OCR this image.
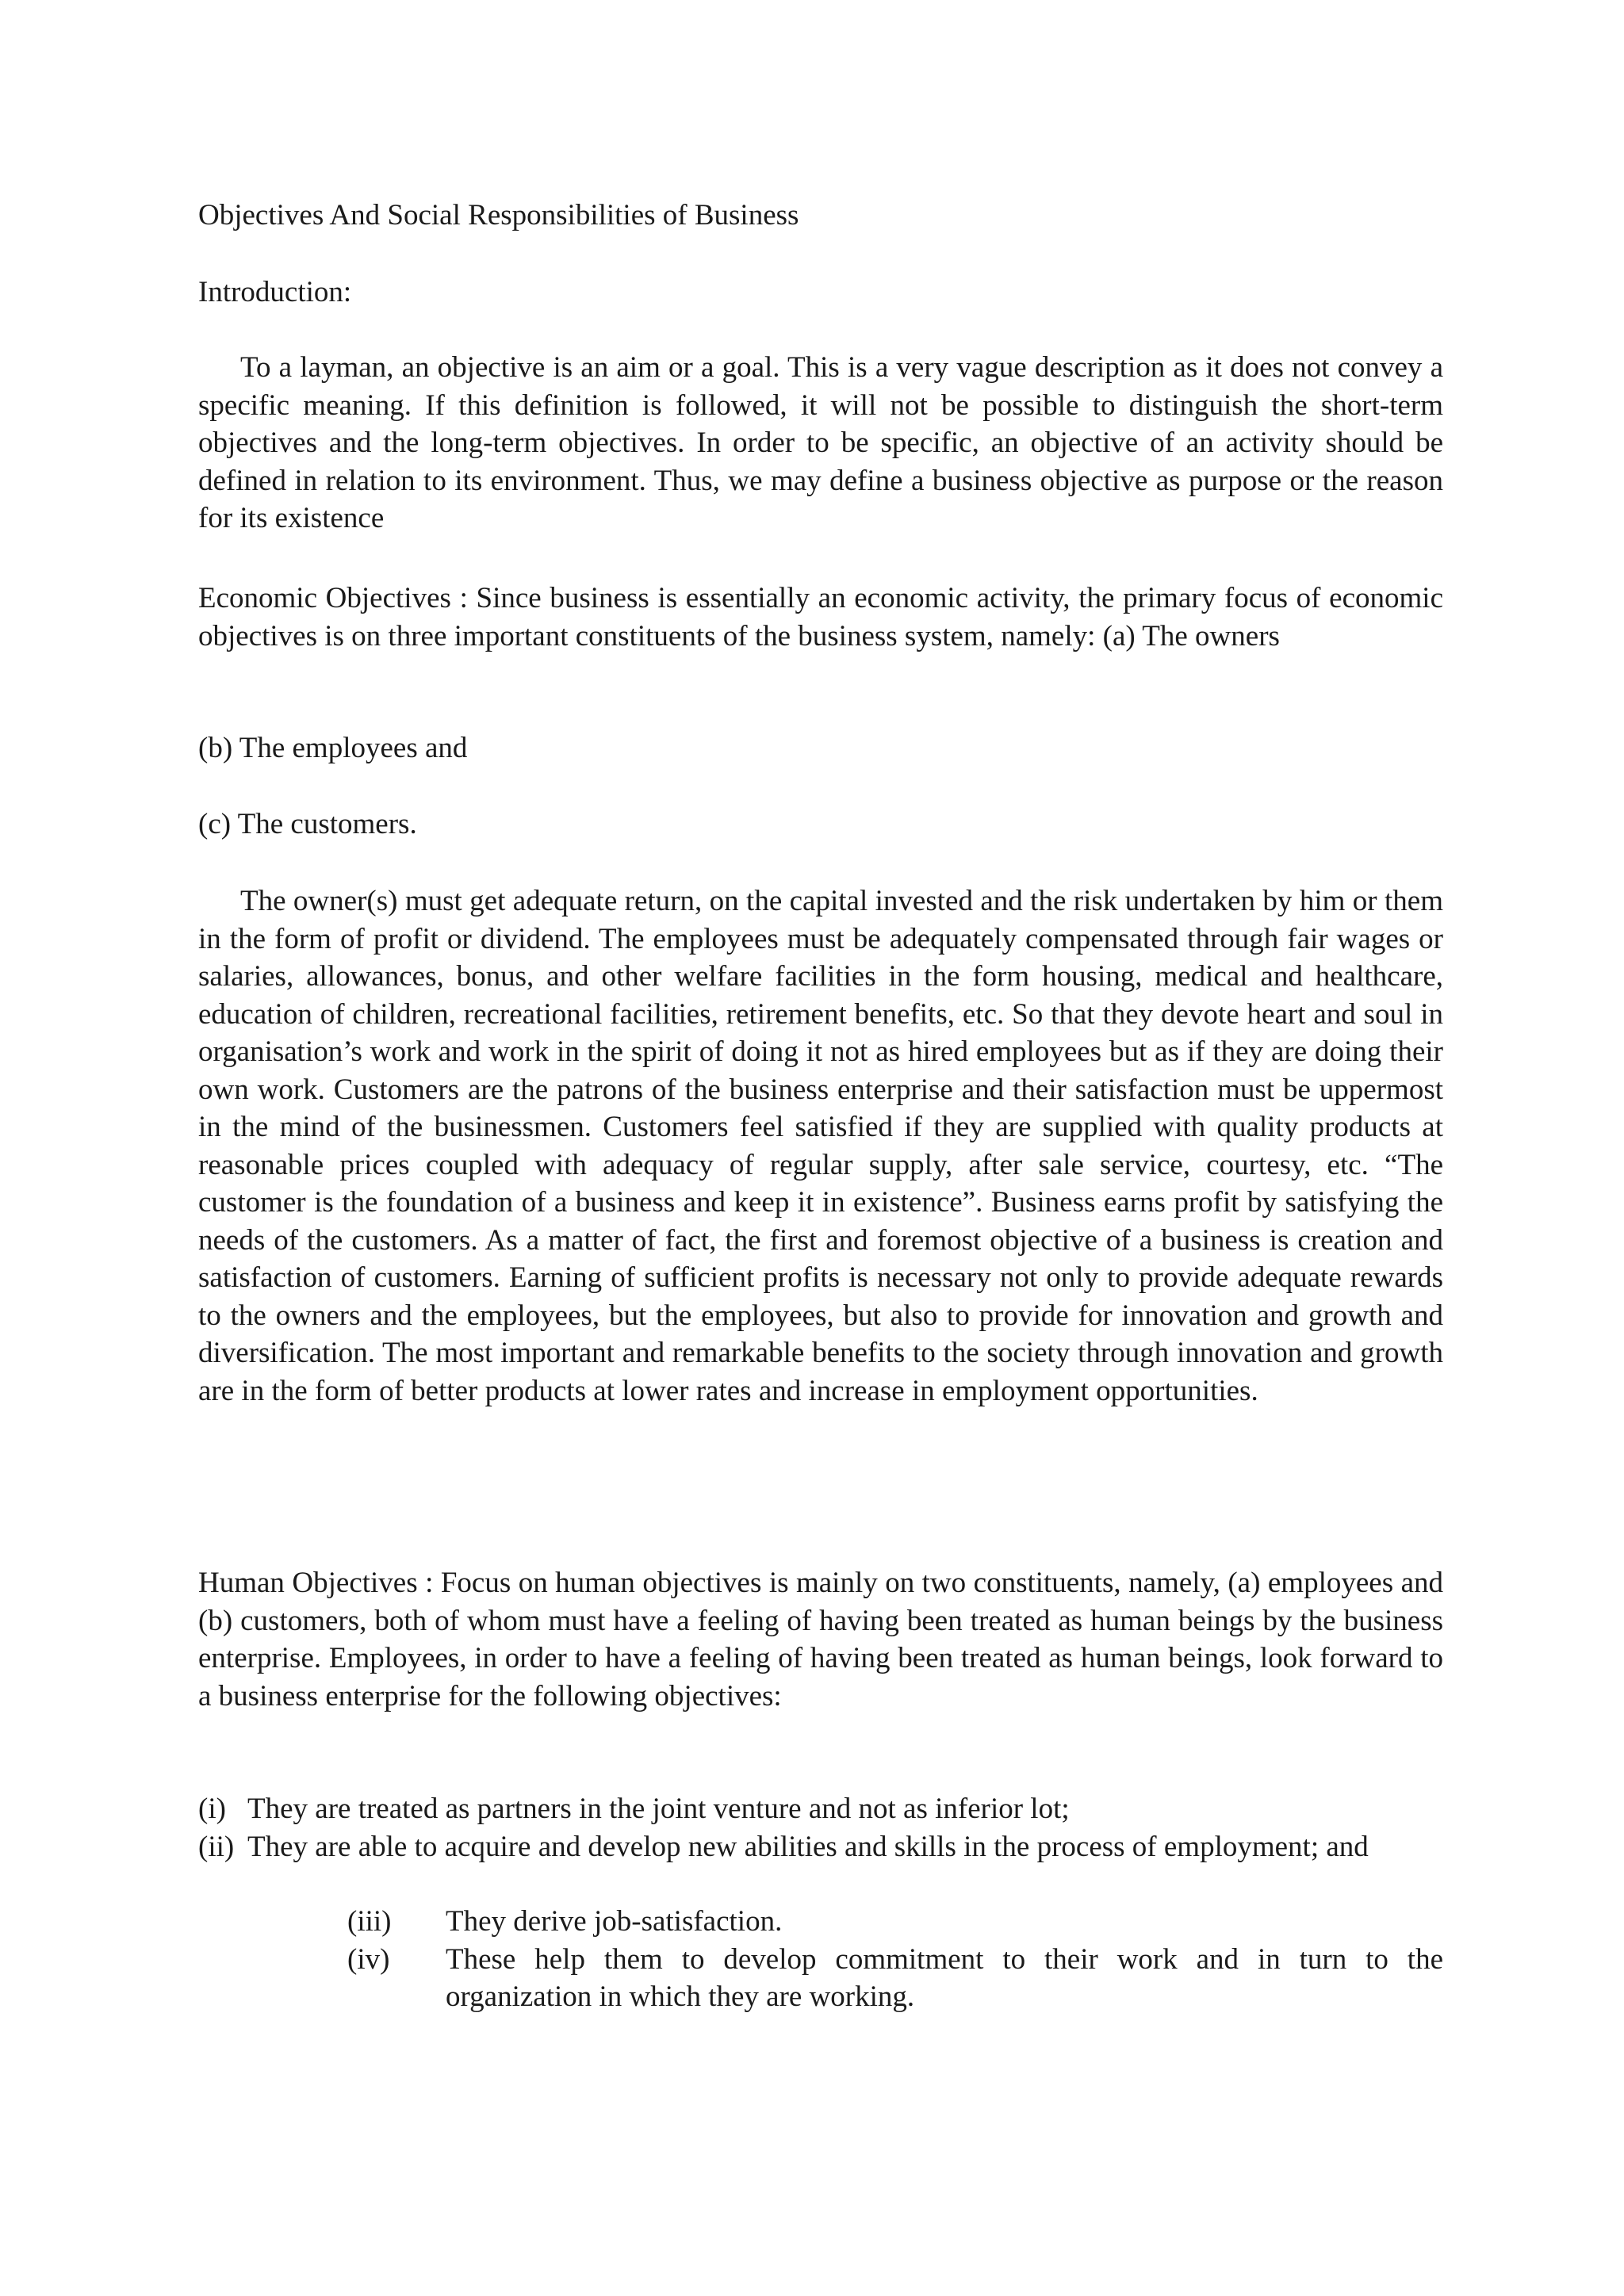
Objectives And Social Responsibilities of Business

Introduction:

To a layman, an objective is an aim or a goal. This is a very vague description as it does not convey a specific meaning. If this definition is followed, it will not be possible to distinguish the short-term objectives and the long-term objectives. In order to be specific, an objective of an activity should be defined in relation to its environment. Thus, we may define a business objective as purpose or the reason for its existence

Economic Objectives : Since business is essentially an economic activity, the primary focus of economic objectives is on three important constituents of the business system, namely: (a) The owners

(b) The employees and

(c) The customers.

The owner(s) must get adequate return, on the capital invested and the risk undertaken by him or them in the form of profit or dividend. The employees must be adequately compensated through fair wages or salaries, allowances, bonus, and other welfare facilities in the form housing, medical and healthcare, education of children, recreational facilities, retirement benefits, etc. So that they devote heart and soul in organisation’s work and work in the spirit of doing it not as hired employees but as if they are doing their own work. Customers are the patrons of the business enterprise and their satisfaction must be uppermost in the mind of the businessmen. Customers feel satisfied if they are supplied with quality products at reasonable prices coupled with adequacy of regular supply, after sale service, courtesy, etc. “The customer is the foundation of a business and keep it in existence”. Business earns profit by satisfying the needs of the customers. As a matter of fact, the first and foremost objective of a business is creation and satisfaction of customers. Earning of sufficient profits is necessary not only to provide adequate rewards to the owners and the employees, but the employees, but also to provide for innovation and growth and diversification. The most important and remarkable benefits to the society through innovation and growth are in the form of better products at lower rates and increase in employment opportunities.

Human Objectives : Focus on human objectives is mainly on two constituents, namely, (a) employees and (b) customers, both of whom must have a feeling of having been treated as human beings by the business enterprise. Employees, in order to have a feeling of having been treated as human beings, look forward to a business enterprise for the following objectives:

(i) They are treated as partners in the joint venture and not as inferior lot;
(ii) They are able to acquire and develop new abilities and skills in the process of employment; and
(iii) They derive job-satisfaction.
(iv) These help them to develop commitment to their work and in turn to the organization in which they are working.
